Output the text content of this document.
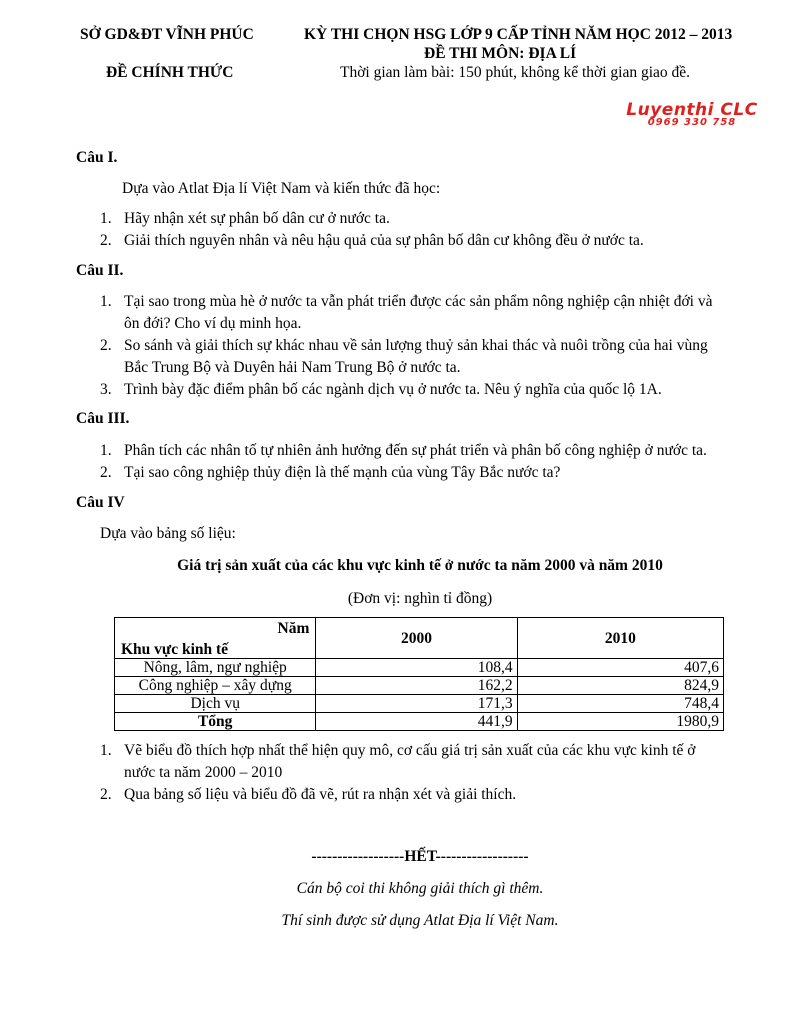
SỞ GD&ĐT VĨNH PHÚC
ĐỀ CHÍNH THỨC
KỲ THI CHỌN HSG LỚP 9 CẤP TỈNH NĂM HỌC 2012 – 2013
ĐỀ THI MÔN: ĐỊA LÍ
Thời gian làm bài: 150 phút, không kể thời gian giao đề.
Luyenthi CLC
0969 330 758
Câu I.
Dựa vào Atlat Địa lí Việt Nam và kiến thức đã học:
1. Hãy nhận xét sự phân bố dân cư ở nước ta.
2. Giải thích nguyên nhân và nêu hậu quả của sự phân bố dân cư không đều ở nước ta.
Câu II.
1. Tại sao trong mùa hè ở nước ta vẫn phát triển được các sản phẩm nông nghiệp cận nhiệt đới và
ôn đới? Cho ví dụ minh họa.
2. So sánh và giải thích sự khác nhau về sản lượng thuỷ sản khai thác và nuôi trồng của hai vùng
Bắc Trung Bộ và Duyên hải Nam Trung Bộ ở nước ta.
3. Trình bày đặc điểm phân bố các ngành dịch vụ ở nước ta. Nêu ý nghĩa của quốc lộ 1A.
Câu III.
1. Phân tích các nhân tố tự nhiên ảnh hưởng đến sự phát triển và phân bố công nghiệp ở nước ta.
2. Tại sao công nghiệp thủy điện là thế mạnh của vùng Tây Bắc nước ta?
Câu IV
Dựa vào bảng số liệu:
Giá trị sản xuất của các khu vực kinh tế ở nước ta năm 2000 và năm 2010
(Đơn vị: nghìn tỉ đồng)
Năm
Khu vực kinh tế	2000	2010
Nông, lâm, ngư nghiệp	108,4	407,6
Công nghiệp – xây dựng	162,2	824,9
Dịch vụ	171,3	748,4
Tổng	441,9	1980,9
1. Vẽ biểu đồ thích hợp nhất thể hiện quy mô, cơ cấu giá trị sản xuất của các khu vực kinh tế ở
nước ta năm 2000 – 2010
2. Qua bảng số liệu và biểu đồ đã vẽ, rút ra nhận xét và giải thích.
------------------HẾT------------------
Cán bộ coi thi không giải thích gì thêm.
Thí sinh được sử dụng Atlat Địa lí Việt Nam.
